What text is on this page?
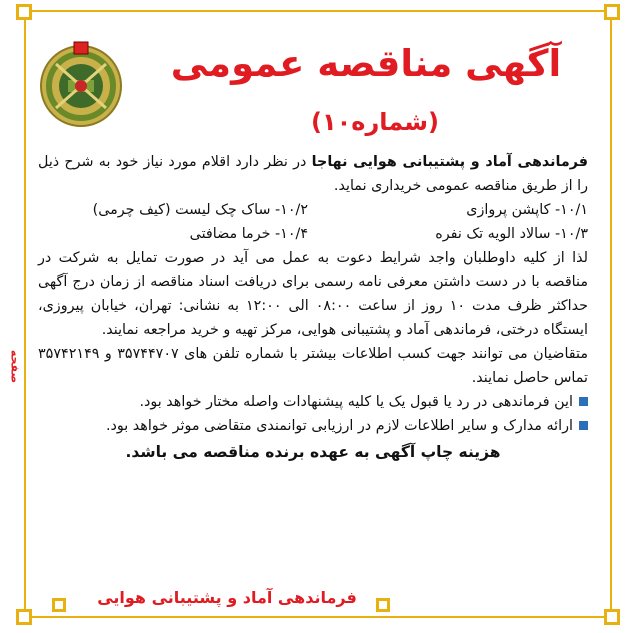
آگهی مناقصه عمومی
(شماره۱۰)

فرماندهی آماد و پشتیبانی هوایی نهاجا در نظر دارد اقلام مورد نیاز خود به شرح ذیل را از طریق مناقصه عمومی خریداری نماید.

۱۰/۱- کاپشن پروازی
۱۰/۲- ساک چک لیست (کیف چرمی)
۱۰/۳- سالاد الویه تک نفره
۱۰/۴- خرما مضافتی

لذا از کلیه داوطلبان واجد شرایط دعوت به عمل می آید در صورت تمایل به شرکت در مناقصه با در دست داشتن معرفی نامه رسمی برای دریافت اسناد مناقصه از زمان درج آگهی حداکثر ظرف مدت ۱۰ روز از ساعت ۰۸:۰۰ الی ۱۲:۰۰ به نشانی: تهران، خیابان پیروزی، ایستگاه درختی، فرماندهی آماد و پشتیبانی هوایی، مرکز تهیه و خرید مراجعه نمایند.

متقاضیان می توانند جهت کسب اطلاعات بیشتر با شماره تلفن های ۳۵۷۴۴۷۰۷ و ۳۵۷۴۲۱۴۹ تماس حاصل نمایند.

این فرماندهی در رد یا قبول یک یا کلیه پیشنهادات واصله مختار خواهد بود.
ارائه مدارک و سایر اطلاعات لازم در ارزیابی توانمندی متقاضی موثر خواهد بود.
هزینه چاپ آگهی به عهده برنده مناقصه می باشد.
فرماندهی آماد و پشتیبانی هوایی
صفحه
